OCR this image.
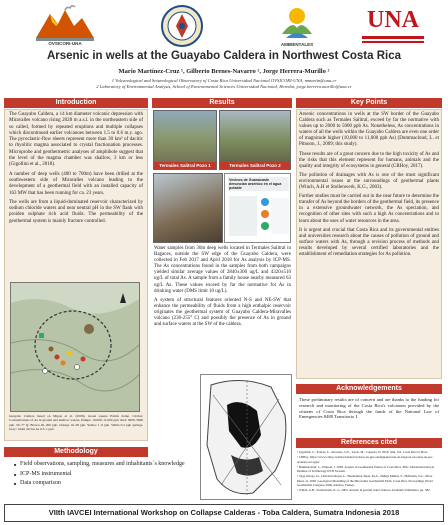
OVSICORI-UNA	AMBIENTALES
UNA
Arsenic in wells at the Guayabo Caldera in Northwest Costa Rica
Mario Martínez-Cruz ¹, Gilberto Brenes-Navarro ², Jorge Herrera-Murillo ²
1 Volcanological and Seismological Observatory of Costa Rica Universidad Nacional OVSICORI-UNA, mmartin@una.cr
2 Laboratory of Environmental Analysis, School of Environmental Sciences Universidad Nacional, Heredia, jorge.herrera.murillo@una.cr
Introduction

The Guayabo Caldera, a 14 km diameter volcanic depression with Miravalles volcano rising 2028 m a.s.l. in the northeastern side of so called, formed by repeated eruptions and multiple collapses which discontinued earlier volcanoes between 1.5 to 0.6 m.y. ago. The pyroclastic-flow sheets represent more than 30 km³ of dacitic to rhyolitic magma associated to crystal fractionation processes. Microprobe and geothermetric analyses of amphibole suggest that the level of the magma chamber was shallow, 3 km or less (Gigollini et al., 2018).

A number of deep wells (400 to 700m) have been drilled at the southwestern side of Miravalles volcano leading to the development of a geothermal field with an installed capacity of 163 MW that has been running for ca. 23 years.

The wells are from a liquid-dominated reservoir characterized by sodium chloride waters and near neutral pH in the SW flank with proiden sulphate rich acid fluids. The permeability of the geothermal system is mainly fracture controlled.

Guayabo Caldera based on Migon et al. (2006). Green square Edwin dome. Circles: Concentrations of As in ground and shallow waters. Pumps: 10,000–11,000 ppb. Red: 3000–5000 ppb. 50–77 Q: Brown 40–200 ppb. Orange 10–28 ppb. Yellow 1–9 ppb. White 0.2 ppb springs. Grey: white circles As 0.3–1 ppb
Methodology
■ Field observations, sampling, measures and inhabitants´s knowledge
■ ICP-MS instrumental
■ Data comparison
Results
Termales Salitral Pozo 1	Termales Salitral Pozo 2
Vecinos de Guanacaste denuncian arsénico en el agua potable

Water samples from 30m deep wells located in Termales Salitral in Bagaces, outside the SW edge of the Guayabo Caldera, were collected in Feb 2017 and April 2018 for As analysis by ICP-MS. The As concentrations found in the samples from both campaigns yielded similar average values of 2840±300 ug/L and 4320±510 ug/L of total As. A sample from a family house nearby measured 63 ug/L As. These values exceed by far the normative for As in drinking water (DMS limit 10 ug/L).

A system of structural features oriented N-S and NE-SW that enhance the permeability of fluids from a high enthalpic reservoir originates the geothermal system of Guayabo Caldera-Miravalles volcano (230-255° C) and possibly the presence of As in ground and surface waters at the SW of the caldera.

Key Points

Arsenic concentrations in wells at the SW border of the Guayabo Caldera such as Termales Salitral, exceed by far the normative with values up to 2000 to 5000 ppb As. Nonetheless, As concentrations in waters of all the wells within the Guayabo Caldera are even one order of magnitude higher (10,000 to 11,000 ppb As) (Dummacloud, L. et Pitnoon, J., 2009; this study).

These results are of a great concern due to the high toxicity of As and the risks that this element represent for humans, animals and the quality and integrity of ecosystems in general (CRHoy, 2017).

The pollution of drainages with As is one of the most significant environmental issues at the surroundings of geothermal plants (Winch, A.H et Stollenwerk, K.G., 2003).

Further studies must be carried out in the near future to determine the transfer of As beyond the borders of the geothermal field, its presence in a extensive groundwater network, the As speciation, and recognition of other sites with such a high As concentrations and to learn about the uses of water resources in the area.

It is urgent and crucial that Costa Rica and its governmental entities and universities research about the causes of pollution of ground and surface waters with As, through a revision process of methods and results developed by several certified laboratories and the establishment of remediation strategies for As pollution.

Acknowledgements
These preliminary results are of concern and are thanks to the funding for research and monitoring of the Costa Rica's volcanoes provided by the citizens of Costa Rica through the funds of the National Law of Emergencies 8488 Transitorio I.
References cited
• Gigollini, C., Toledo, T., Alvarado, G.E., Lucia, M., Coppola, D. 2018. Ann. Vol. Costa Rica la Piras.
• CRHoy. https://www.crhoy.com/nacionales/vecinos-en-gua-siedaguanacaste-en-bagaces-en-oleas-en-por-arsenico-en-agua/
• Dummacloud, L., Pitnoon, J. 2009. Arsenic in Geothermal Waters of Costa Rica. MSc. Dissertation Royal Institute of Technology KTH Sweden.
• Vega Ortega, D., Chavarria Rojas, L., Barandiarai Tapia, M.A., Zúñiga Muñoz, F., Hofmann, S.G., Mora Pérez, O. 2006. Geological Modelling of the Miravalles Geothermal Field, Costa Rica. Proceedings World Geothermal Congress 2006, Antalya, Turkey.
• Winch, A.H., Stollenwerk, K. G. 2003. Arsenic in ground water. Kluwer Academic Publishers, pp. 582.
VIIth IAVCEI International Workshop on Collapse Calderas - Toba Caldera, Sumatra Indonesia 2018
